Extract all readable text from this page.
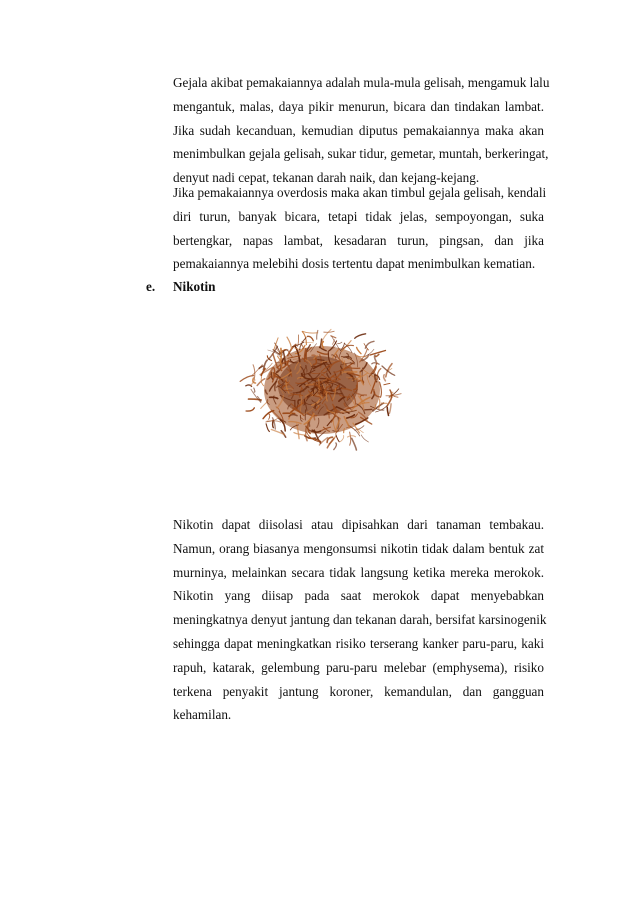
Gejala akibat pemakaiannya adalah mula-mula gelisah, mengamuk lalu
mengantuk, malas, daya pikir menurun, bicara dan tindakan lambat.
Jika sudah kecanduan, kemudian diputus pemakaiannya maka akan
menimbulkan gejala gelisah, sukar tidur, gemetar, muntah, berkeringat,
denyut nadi cepat, tekanan darah naik, dan kejang-kejang.
Jika pemakaiannya overdosis maka akan timbul gejala gelisah, kendali
diri turun, banyak bicara, tetapi tidak jelas, sempoyongan, suka
bertengkar, napas lambat, kesadaran turun, pingsan, dan jika
pemakaiannya melebihi dosis tertentu dapat menimbulkan kematian.
e. Nikotin
Nikotin dapat diisolasi atau dipisahkan dari tanaman tembakau.
Namun, orang biasanya mengonsumsi nikotin tidak dalam bentuk zat
murninya, melainkan secara tidak langsung ketika mereka merokok.
Nikotin yang diisap pada saat merokok dapat menyebabkan
meningkatnya denyut jantung dan tekanan darah, bersifat karsinogenik
sehingga dapat meningkatkan risiko terserang kanker paru-paru, kaki
rapuh, katarak, gelembung paru-paru melebar (emphysema), risiko
terkena penyakit jantung koroner, kemandulan, dan gangguan
kehamilan.
